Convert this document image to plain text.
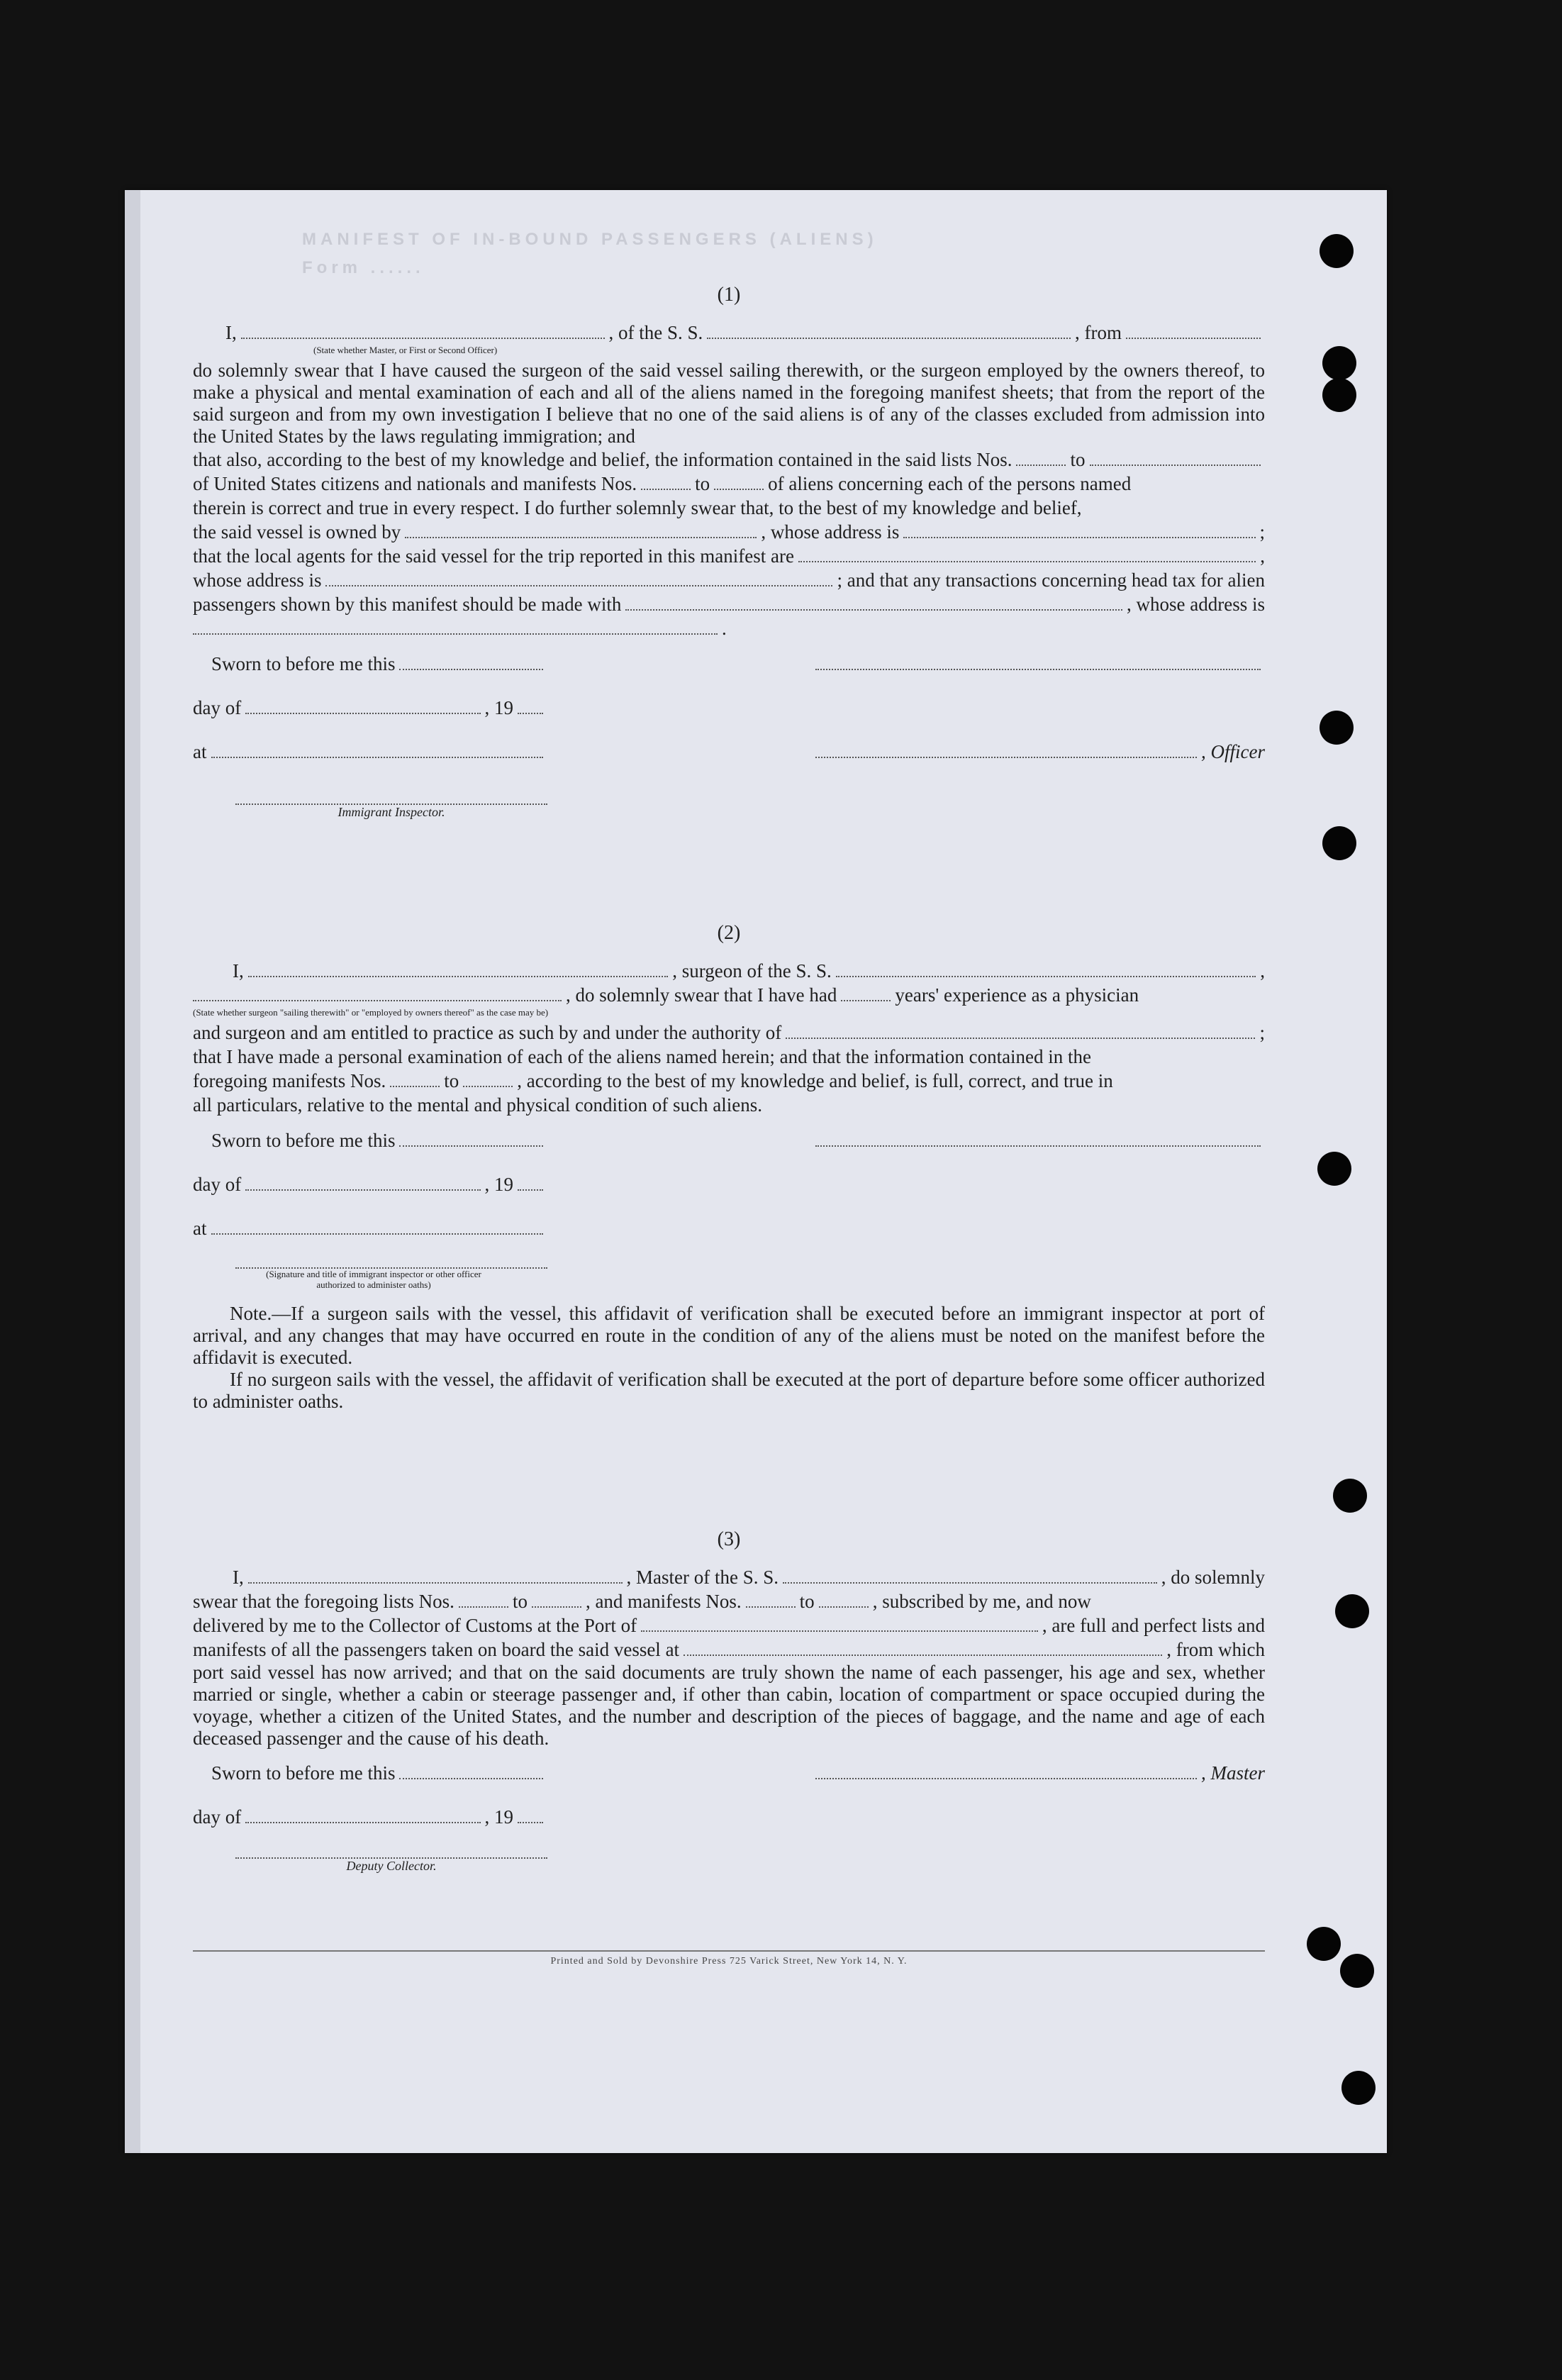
MANIFEST OF IN-BOUND PASSENGERS (ALIENS)
Form ......
(1)
I,	, of the S. S.	, from
(State whether Master, or First or Second Officer)
do solemnly swear that I have caused the surgeon of the said vessel sailing therewith, or the surgeon employed by the owners thereof, to make a physical and mental examination of each and all of the aliens named in the foregoing manifest sheets; that from the report of the said surgeon and from my own investigation I believe that no one of the said aliens is of any of the classes excluded from admission into the United States by the laws regulating immigration; and
that also, according to the best of my knowledge and belief, the information contained in the said lists Nos.	to
of United States citizens and nationals and manifests Nos.	to	of aliens concerning each of the persons named
therein is correct and true in every respect. I do further solemnly swear that, to the best of my knowledge and belief,
the said vessel is owned by	, whose address is	;
that the local agents for the said vessel for the trip reported in this manifest are	,
whose address is	; and that any transactions concerning head tax for alien
passengers shown by this manifest should be made with	, whose address is
.
Sworn to before me this
day of	, 19
at
Immigrant Inspector.
, Officer
(2)
I,	, surgeon of the S. S.	,
, do solemnly swear that I have had	years' experience as a physician
(State whether surgeon "sailing therewith" or "employed by owners thereof" as the case may be)
and surgeon and am entitled to practice as such by and under the authority of	;
that I have made a personal examination of each of the aliens named herein; and that the information contained in the
foregoing manifests Nos.	to	, according to the best of my knowledge and belief, is full, correct, and true in
all particulars, relative to the mental and physical condition of such aliens.
Sworn to before me this
day of	, 19
at
(Signature and title of immigrant inspector or other officer authorized to administer oaths)
Note.—If a surgeon sails with the vessel, this affidavit of verification shall be executed before an immigrant inspector at port of arrival, and any changes that may have occurred en route in the condition of any of the aliens must be noted on the manifest before the affidavit is executed.
If no surgeon sails with the vessel, the affidavit of verification shall be executed at the port of departure before some officer authorized to administer oaths.
(3)
I,	, Master of the S. S.	, do solemnly
swear that the foregoing lists Nos.	to	, and manifests Nos.	to	, subscribed by me, and now
delivered by me to the Collector of Customs at the Port of	, are full and perfect lists and
manifests of all the passengers taken on board the said vessel at	, from which
port said vessel has now arrived; and that on the said documents are truly shown the name of each passenger, his age and sex, whether married or single, whether a cabin or steerage passenger and, if other than cabin, location of compartment or space occupied during the voyage, whether a citizen of the United States, and the number and description of the pieces of baggage, and the name and age of each deceased passenger and the cause of his death.
Sworn to before me this
day of	, 19
Deputy Collector.
, Master
Printed and Sold by Devonshire Press 725 Varick Street, New York 14, N. Y.
